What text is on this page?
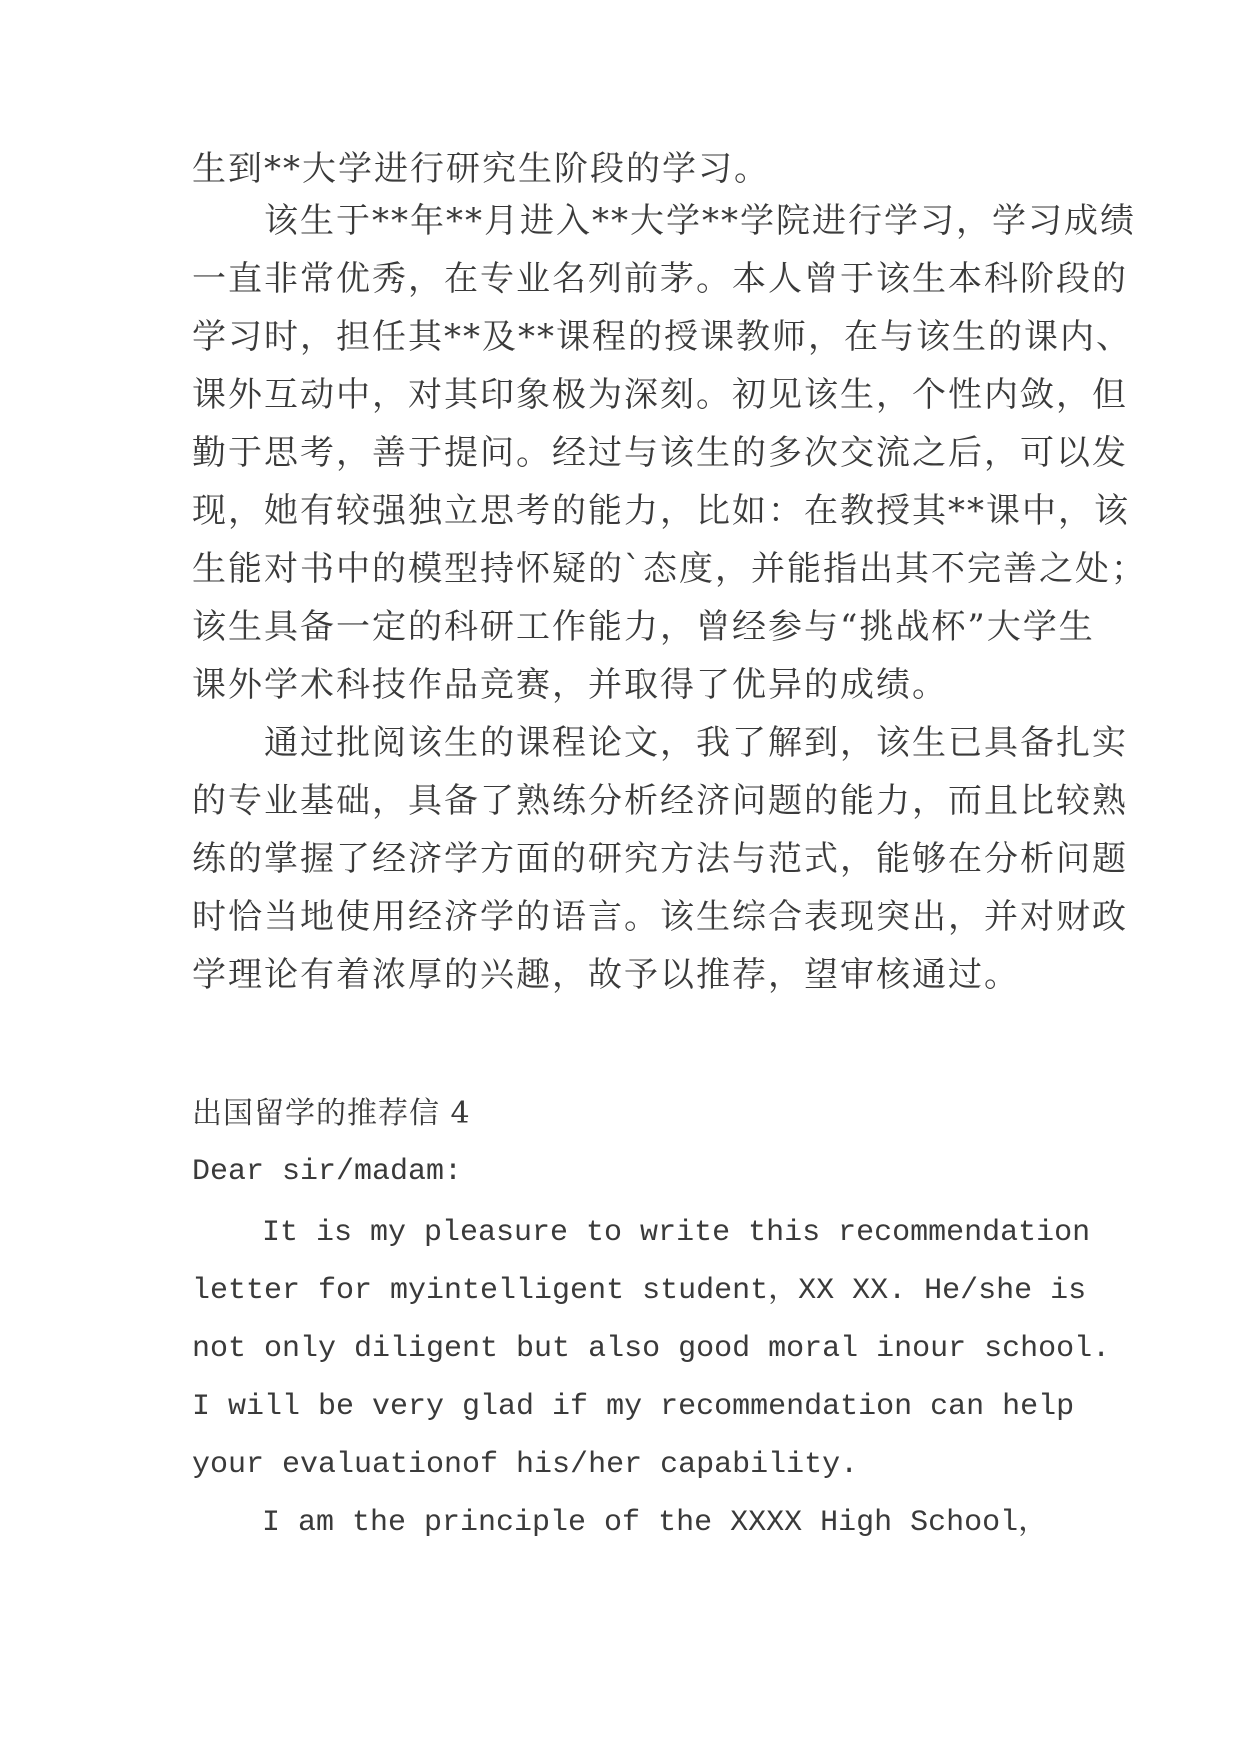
生到**大学进行研究生阶段的学习。
　　该生于**年**月进入**大学**学院进行学习，学习成绩
一直非常优秀，在专业名列前茅。本人曾于该生本科阶段的
学习时，担任其**及**课程的授课教师，在与该生的课内、
课外互动中，对其印象极为深刻。初见该生，个性内敛，但
勤于思考，善于提问。经过与该生的多次交流之后，可以发
现，她有较强独立思考的能力，比如：在教授其**课中，该
生能对书中的模型持怀疑的`态度，并能指出其不完善之处；
该生具备一定的科研工作能力，曾经参与“挑战杯”大学生
课外学术科技作品竞赛，并取得了优异的成绩。
　　通过批阅该生的课程论文，我了解到，该生已具备扎实
的专业基础，具备了熟练分析经济问题的能力，而且比较熟
练的掌握了经济学方面的研究方法与范式，能够在分析问题
时恰当地使用经济学的语言。该生综合表现突出，并对财政
学理论有着浓厚的兴趣，故予以推荐，望审核通过。
出国留学的推荐信 4
Dear sir/madam:
It is my pleasure to write this recommendation
letter for myintelligent student，XX XX. He/she is
not only diligent but also good moral inour school.
I will be very glad if my recommendation can help
your evaluationof his/her capability.
I am the principle of the XXXX High School，
